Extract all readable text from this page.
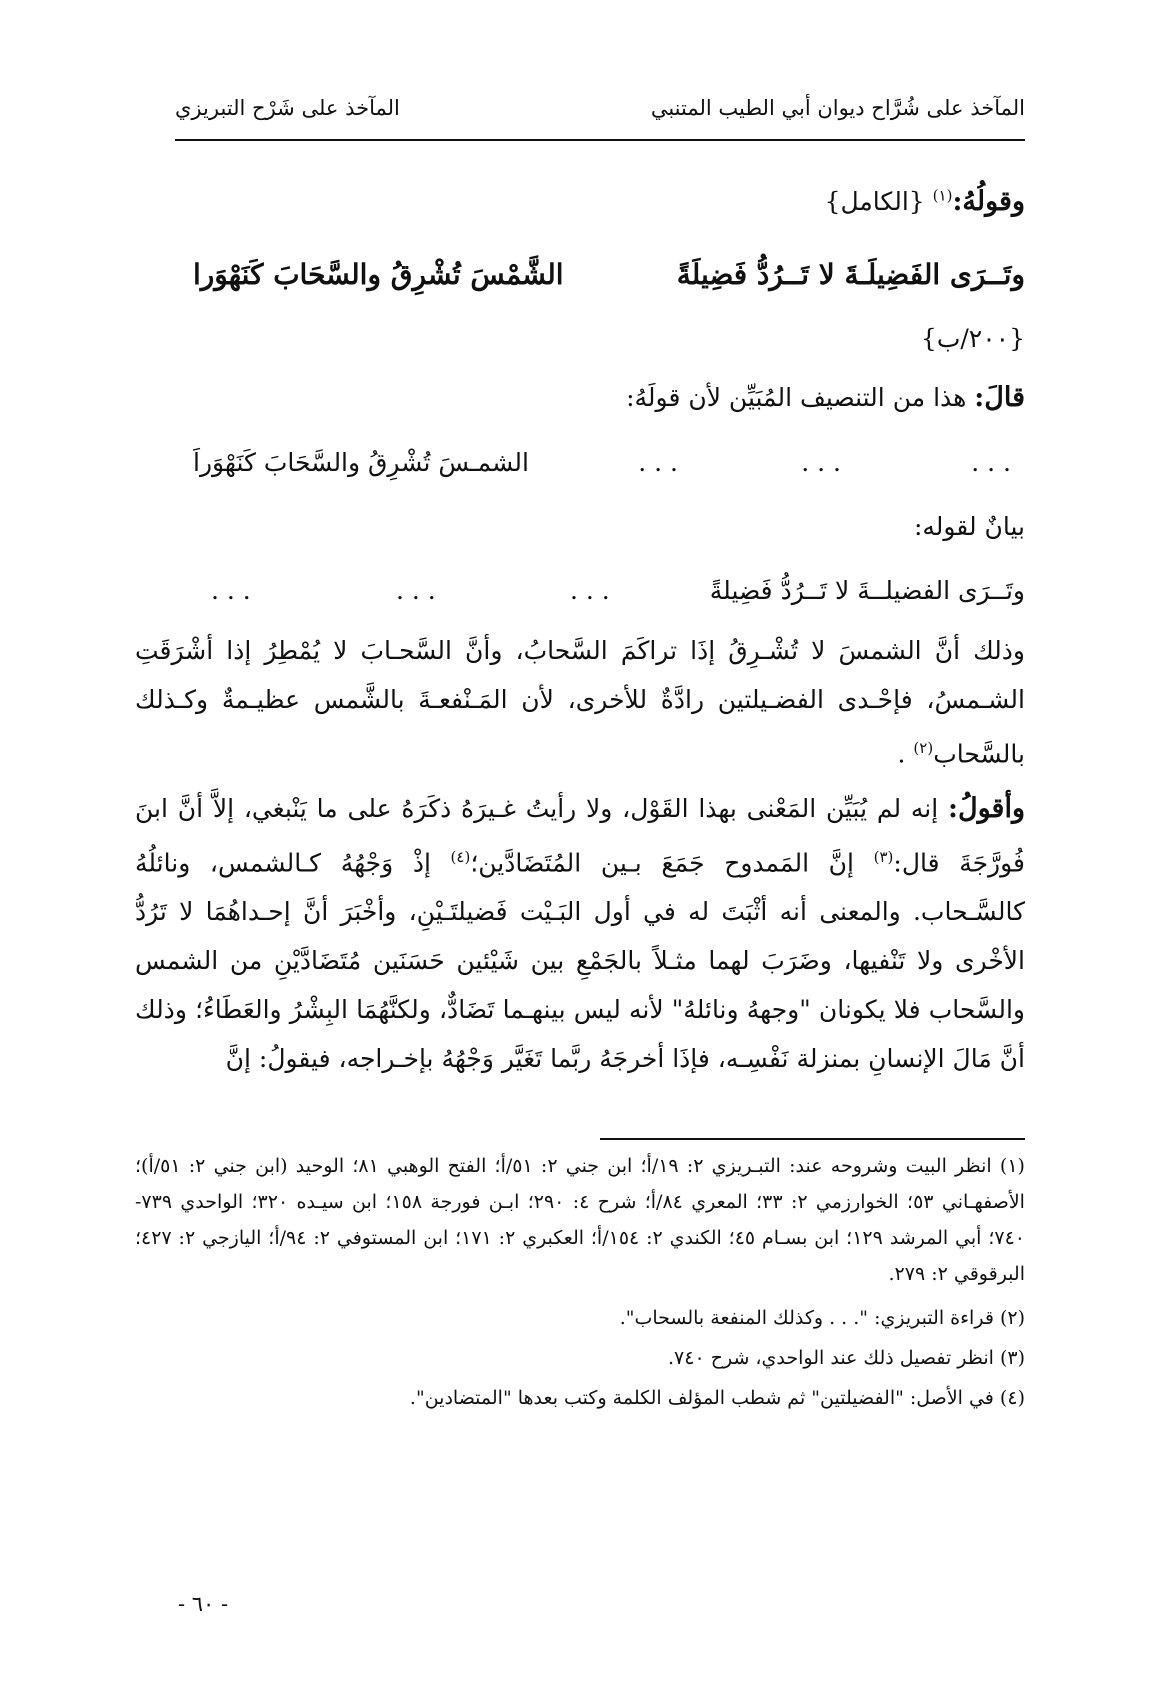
المآخذ على شُرَّاح ديوان أبي الطيب المتنبي
المآخذ على شَرْح التبريزي
وقولُهُ:$^{(١)}$ {الكامل}
وتَــرَى الفَضِيلَـةَ لا تَــرُدُّ فَضِيلَةً
الشَّمْسَ تُشْرِقُ والسَّحَابَ كَنَهْوَرا
{٢٠٠/ب}
قالَ: هذا من التنصيف المُبَيِّن لأن قولَهُ:
. . .
. . .
. . .
الشمـسَ تُشْرِقُ والسَّحَابَ كَنَهْوَراَ
بيانٌ لقوله:
وتَــرَى الفضيلــةَ لا تَــرُدُّ فَضِيلةً
. . .
. . .
. . .
وذلك أنَّ الشمسَ لا تُشْـرِقُ إذَا تراكَمَ السَّحابُ، وأنَّ السَّحـابَ لا يُمْطِرُ إذا أشْرَقَتِ الشـمسُ، فإحْـدى الفضـيلتين رادَّةٌ للأخرى، لأن المَـنْفعـةَ بالشَّمس عظيـمةٌ وكـذلك بالسَّحاب$^{(٢)}$ .
وأقولُ: إنه لم يُبَيِّن المَعْنى بهذا القَوْل، ولا رأيتُ غـيرَهُ ذكَرَهُ على ما يَنْبغي، إلاَّ أنَّ ابنَ فُورَّجَةَ قال:$^{(٣)}$ إنَّ المَمدوح جَمَعَ بـين المُتَضَادَّين؛$^{(٤)}$ إذْ وَجْهُهُ كـالشمس، ونائلُهُ كالسَّـحاب. والمعنى أنه أثْبَتَ له في أول البَـيْت فَضيلتَـيْنِ، وأخْبَرَ أنَّ إحـداهُمَا لا تَرُدُّ الأخْرى ولا تَنْفيها، وضَرَبَ لهما مثـلاً بالجَمْعِ بين شَيْئين حَسَنَين مُتَضَادَّيْنِ من الشمس والسَّحاب فلا يكونان "وجههُ ونائلهُ" لأنه ليس بينهـما تَضَادٌّ، ولكنَّهُمَا البِشْرُ والعَطَاءُ؛ وذلك أنَّ مَالَ الإنسانِ بمنزلة نَفْسِـه، فإذَا أخرجَهُ ربَّما تَغَيَّر وَجْهُهُ بإخـراجه، فيقولُ: إنَّ
(١) انظر البيت وشروحه عند: التبـريزي ٢: ١٩/أ؛ ابن جني ٢: ٥١/أ؛ الفتح الوهبي ٨١؛ الوحيد (ابن جني ٢: ٥١/أ)؛ الأصفهـاني ٥٣؛ الخوارزمي ٢: ٣٣؛ المعري ٨٤/أ؛ شرح ٤: ٢٩٠؛ ابـن فورجة ١٥٨؛ ابن سيـده ٣٢٠؛ الواحدي ٧٣٩- ٧٤٠؛ أبي المرشد ١٢٩؛ ابن بسـام ٤٥؛ الكندي ٢: ١٥٤/أ؛ العكبري ٢: ١٧١؛ ابن المستوفي ٢: ٩٤/أ؛ اليازجي ٢: ٤٢٧؛ البرقوقي ٢: ٢٧٩.
(٢) قراءة التبريزي: ". . . وكذلك المنفعة بالسحاب".
(٣) انظر تفصيل ذلك عند الواحدي، شرح ٧٤٠.
(٤) في الأصل: "الفضيلتين" ثم شطب المؤلف الكلمة وكتب بعدها "المتضادين".
- ٦٠ -
